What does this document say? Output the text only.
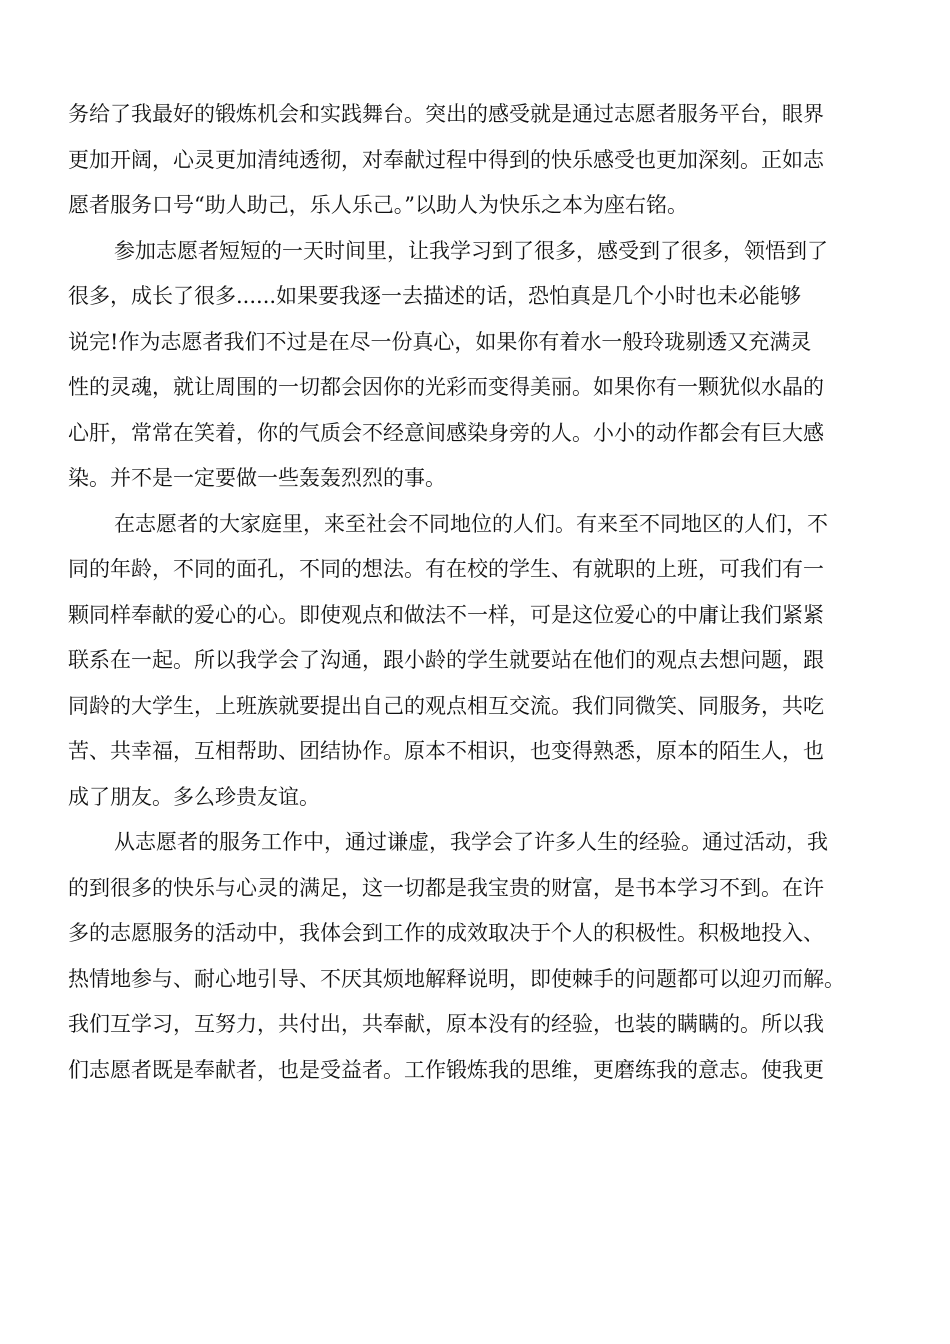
务给了我最好的锻炼机会和实践舞台。突出的感受就是通过志愿者服务平台，眼界
更加开阔，心灵更加清纯透彻，对奉献过程中得到的快乐感受也更加深刻。正如志
愿者服务口号“助人助己，乐人乐己。”以助人为快乐之本为座右铭。
参加志愿者短短的一天时间里，让我学习到了很多，感受到了很多，领悟到了
很多，成长了很多......如果要我逐一去描述的话，恐怕真是几个小时也未必能够
说完!作为志愿者我们不过是在尽一份真心，如果你有着水一般玲珑剔透又充满灵
性的灵魂，就让周围的一切都会因你的光彩而变得美丽。如果你有一颗犹似水晶的
心肝，常常在笑着，你的气质会不经意间感染身旁的人。小小的动作都会有巨大感
染。并不是一定要做一些轰轰烈烈的事。
在志愿者的大家庭里，来至社会不同地位的人们。有来至不同地区的人们，不
同的年龄，不同的面孔，不同的想法。有在校的学生、有就职的上班，可我们有一
颗同样奉献的爱心的心。即使观点和做法不一样，可是这位爱心的中庸让我们紧紧
联系在一起。所以我学会了沟通，跟小龄的学生就要站在他们的观点去想问题，跟
同龄的大学生，上班族就要提出自己的观点相互交流。我们同微笑、同服务，共吃
苦、共幸福，互相帮助、团结协作。原本不相识，也变得熟悉，原本的陌生人，也
成了朋友。多么珍贵友谊。
从志愿者的服务工作中，通过谦虚，我学会了许多人生的经验。通过活动，我
的到很多的快乐与心灵的满足，这一切都是我宝贵的财富，是书本学习不到。在许
多的志愿服务的活动中，我体会到工作的成效取决于个人的积极性。积极地投入、
热情地参与、耐心地引导、不厌其烦地解释说明，即使棘手的问题都可以迎刃而解。
我们互学习，互努力，共付出，共奉献，原本没有的经验，也装的瞒瞒的。所以我
们志愿者既是奉献者，也是受益者。工作锻炼我的思维，更磨练我的意志。使我更
